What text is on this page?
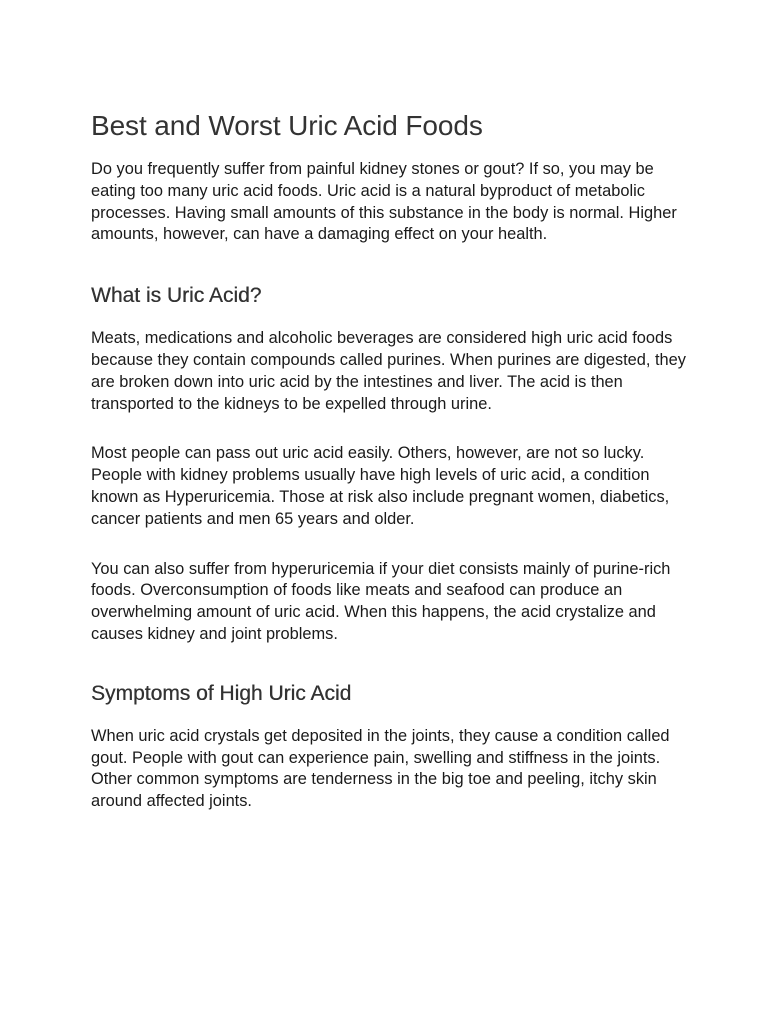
Best and Worst Uric Acid Foods

Do you frequently suffer from painful kidney stones or gout? If so, you may be eating too many uric acid foods. Uric acid is a natural byproduct of metabolic processes. Having small amounts of this substance in the body is normal. Higher amounts, however, can have a damaging effect on your health.

What is Uric Acid?

Meats, medications and alcoholic beverages are considered high uric acid foods because they contain compounds called purines. When purines are digested, they are broken down into uric acid by the intestines and liver. The acid is then transported to the kidneys to be expelled through urine.

Most people can pass out uric acid easily. Others, however, are not so lucky. People with kidney problems usually have high levels of uric acid, a condition known as Hyperuricemia. Those at risk also include pregnant women, diabetics, cancer patients and men 65 years and older.

You can also suffer from hyperuricemia if your diet consists mainly of purine-rich foods. Overconsumption of foods like meats and seafood can produce an overwhelming amount of uric acid. When this happens, the acid crystalize and causes kidney and joint problems.

Symptoms of High Uric Acid

When uric acid crystals get deposited in the joints, they cause a condition called gout. People with gout can experience pain, swelling and stiffness in the joints. Other common symptoms are tenderness in the big toe and peeling, itchy skin around affected joints.
